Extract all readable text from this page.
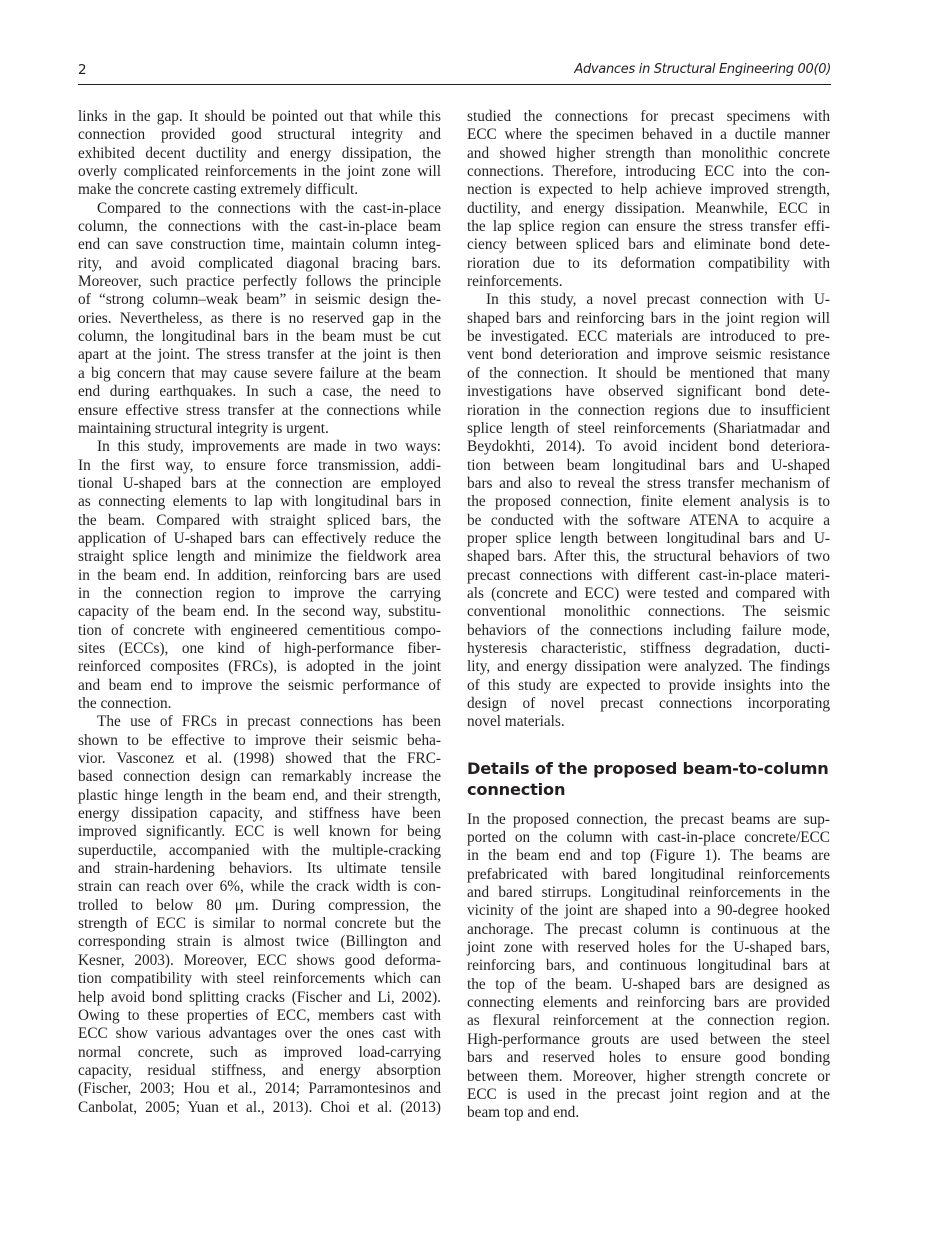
2	Advances in Structural Engineering 00(0)
links in the gap. It should be pointed out that while this
connection provided good structural integrity and
exhibited decent ductility and energy dissipation, the
overly complicated reinforcements in the joint zone will
make the concrete casting extremely difficult.
Compared to the connections with the cast-in-place
column, the connections with the cast-in-place beam
end can save construction time, maintain column integ-
rity, and avoid complicated diagonal bracing bars.
Moreover, such practice perfectly follows the principle
of “strong column–weak beam” in seismic design the-
ories. Nevertheless, as there is no reserved gap in the
column, the longitudinal bars in the beam must be cut
apart at the joint. The stress transfer at the joint is then
a big concern that may cause severe failure at the beam
end during earthquakes. In such a case, the need to
ensure effective stress transfer at the connections while
maintaining structural integrity is urgent.
In this study, improvements are made in two ways:
In the first way, to ensure force transmission, addi-
tional U-shaped bars at the connection are employed
as connecting elements to lap with longitudinal bars in
the beam. Compared with straight spliced bars, the
application of U-shaped bars can effectively reduce the
straight splice length and minimize the fieldwork area
in the beam end. In addition, reinforcing bars are used
in the connection region to improve the carrying
capacity of the beam end. In the second way, substitu-
tion of concrete with engineered cementitious compo-
sites (ECCs), one kind of high-performance fiber-
reinforced composites (FRCs), is adopted in the joint
and beam end to improve the seismic performance of
the connection.
The use of FRCs in precast connections has been
shown to be effective to improve their seismic beha-
vior. Vasconez et al. (1998) showed that the FRC-
based connection design can remarkably increase the
plastic hinge length in the beam end, and their strength,
energy dissipation capacity, and stiffness have been
improved significantly. ECC is well known for being
superductile, accompanied with the multiple-cracking
and strain-hardening behaviors. Its ultimate tensile
strain can reach over 6%, while the crack width is con-
trolled to below 80 μm. During compression, the
strength of ECC is similar to normal concrete but the
corresponding strain is almost twice (Billington and
Kesner, 2003). Moreover, ECC shows good deforma-
tion compatibility with steel reinforcements which can
help avoid bond splitting cracks (Fischer and Li, 2002).
Owing to these properties of ECC, members cast with
ECC show various advantages over the ones cast with
normal concrete, such as improved load-carrying
capacity, residual stiffness, and energy absorption
(Fischer, 2003; Hou et al., 2014; Parramontesinos and
Canbolat, 2005; Yuan et al., 2013). Choi et al. (2013)
studied the connections for precast specimens with
ECC where the specimen behaved in a ductile manner
and showed higher strength than monolithic concrete
connections. Therefore, introducing ECC into the con-
nection is expected to help achieve improved strength,
ductility, and energy dissipation. Meanwhile, ECC in
the lap splice region can ensure the stress transfer effi-
ciency between spliced bars and eliminate bond dete-
rioration due to its deformation compatibility with
reinforcements.
In this study, a novel precast connection with U-
shaped bars and reinforcing bars in the joint region will
be investigated. ECC materials are introduced to pre-
vent bond deterioration and improve seismic resistance
of the connection. It should be mentioned that many
investigations have observed significant bond dete-
rioration in the connection regions due to insufficient
splice length of steel reinforcements (Shariatmadar and
Beydokhti, 2014). To avoid incident bond deteriora-
tion between beam longitudinal bars and U-shaped
bars and also to reveal the stress transfer mechanism of
the proposed connection, finite element analysis is to
be conducted with the software ATENA to acquire a
proper splice length between longitudinal bars and U-
shaped bars. After this, the structural behaviors of two
precast connections with different cast-in-place materi-
als (concrete and ECC) were tested and compared with
conventional monolithic connections. The seismic
behaviors of the connections including failure mode,
hysteresis characteristic, stiffness degradation, ducti-
lity, and energy dissipation were analyzed. The findings
of this study are expected to provide insights into the
design of novel precast connections incorporating
novel materials.
Details of the proposed beam-to-column
connection
In the proposed connection, the precast beams are sup-
ported on the column with cast-in-place concrete/ECC
in the beam end and top (Figure 1). The beams are
prefabricated with bared longitudinal reinforcements
and bared stirrups. Longitudinal reinforcements in the
vicinity of the joint are shaped into a 90-degree hooked
anchorage. The precast column is continuous at the
joint zone with reserved holes for the U-shaped bars,
reinforcing bars, and continuous longitudinal bars at
the top of the beam. U-shaped bars are designed as
connecting elements and reinforcing bars are provided
as flexural reinforcement at the connection region.
High-performance grouts are used between the steel
bars and reserved holes to ensure good bonding
between them. Moreover, higher strength concrete or
ECC is used in the precast joint region and at the
beam top and end.
